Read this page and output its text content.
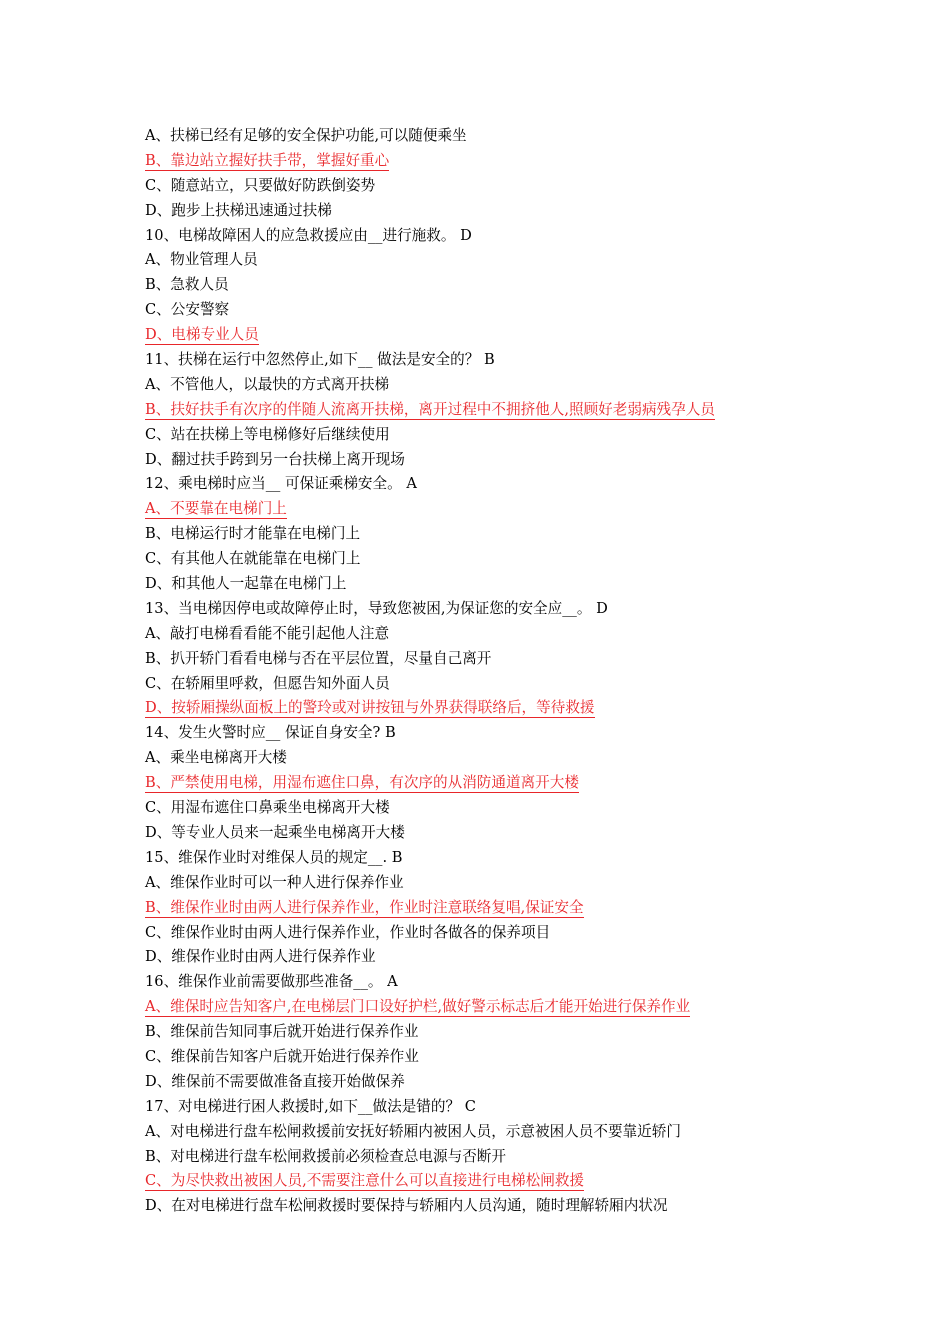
A、扶梯已经有足够的安全保护功能,可以随便乘坐
B、靠边站立握好扶手带，掌握好重心
C、随意站立，只要做好防跌倒姿势
D、跑步上扶梯迅速通过扶梯
10、电梯故障困人的应急救援应由__进行施救。 D
A、物业管理人员
B、急救人员
C、公安警察
D、电梯专业人员
11、扶梯在运行中忽然停止,如下__ 做法是安全的？ B
A、不管他人，以最快的方式离开扶梯
B、扶好扶手有次序的伴随人流离开扶梯，离开过程中不拥挤他人,照顾好老弱病残孕人员
C、站在扶梯上等电梯修好后继续使用
D、翻过扶手跨到另一台扶梯上离开现场
12、乘电梯时应当__ 可保证乘梯安全。 A
A、不要靠在电梯门上
B、电梯运行时才能靠在电梯门上
C、有其他人在就能靠在电梯门上
D、和其他人一起靠在电梯门上
13、当电梯因停电或故障停止时，导致您被困,为保证您的安全应__。 D
A、敲打电梯看看能不能引起他人注意
B、扒开轿门看看电梯与否在平层位置，尽量自己离开
C、在轿厢里呼救，但愿告知外面人员
D、按轿厢操纵面板上的警玲或对讲按钮与外界获得联络后，等待救援
14、发生火警时应__ 保证自身安全? B
A、乘坐电梯离开大楼
B、严禁使用电梯，用湿布遮住口鼻，有次序的从消防通道离开大楼
C、用湿布遮住口鼻乘坐电梯离开大楼
D、等专业人员来一起乘坐电梯离开大楼
15、维保作业时对维保人员的规定__. B
A、维保作业时可以一种人进行保养作业
B、维保作业时由两人进行保养作业，作业时注意联络复唱,保证安全
C、维保作业时由两人进行保养作业，作业时各做各的保养项目
D、维保作业时由两人进行保养作业
16、维保作业前需要做那些准备__。 A
A、维保时应告知客户,在电梯层门口设好护栏,做好警示标志后才能开始进行保养作业
B、维保前告知同事后就开始进行保养作业
C、维保前告知客户后就开始进行保养作业
D、维保前不需要做准备直接开始做保养
17、对电梯进行困人救援时,如下__做法是错的？ C
A、对电梯进行盘车松闸救援前安抚好轿厢内被困人员，示意被困人员不要靠近轿门
B、对电梯进行盘车松闸救援前必须检查总电源与否断开
C、为尽快救出被困人员,不需要注意什么可以直接进行电梯松闸救援
D、在对电梯进行盘车松闸救援时要保持与轿厢内人员沟通，随时理解轿厢内状况
